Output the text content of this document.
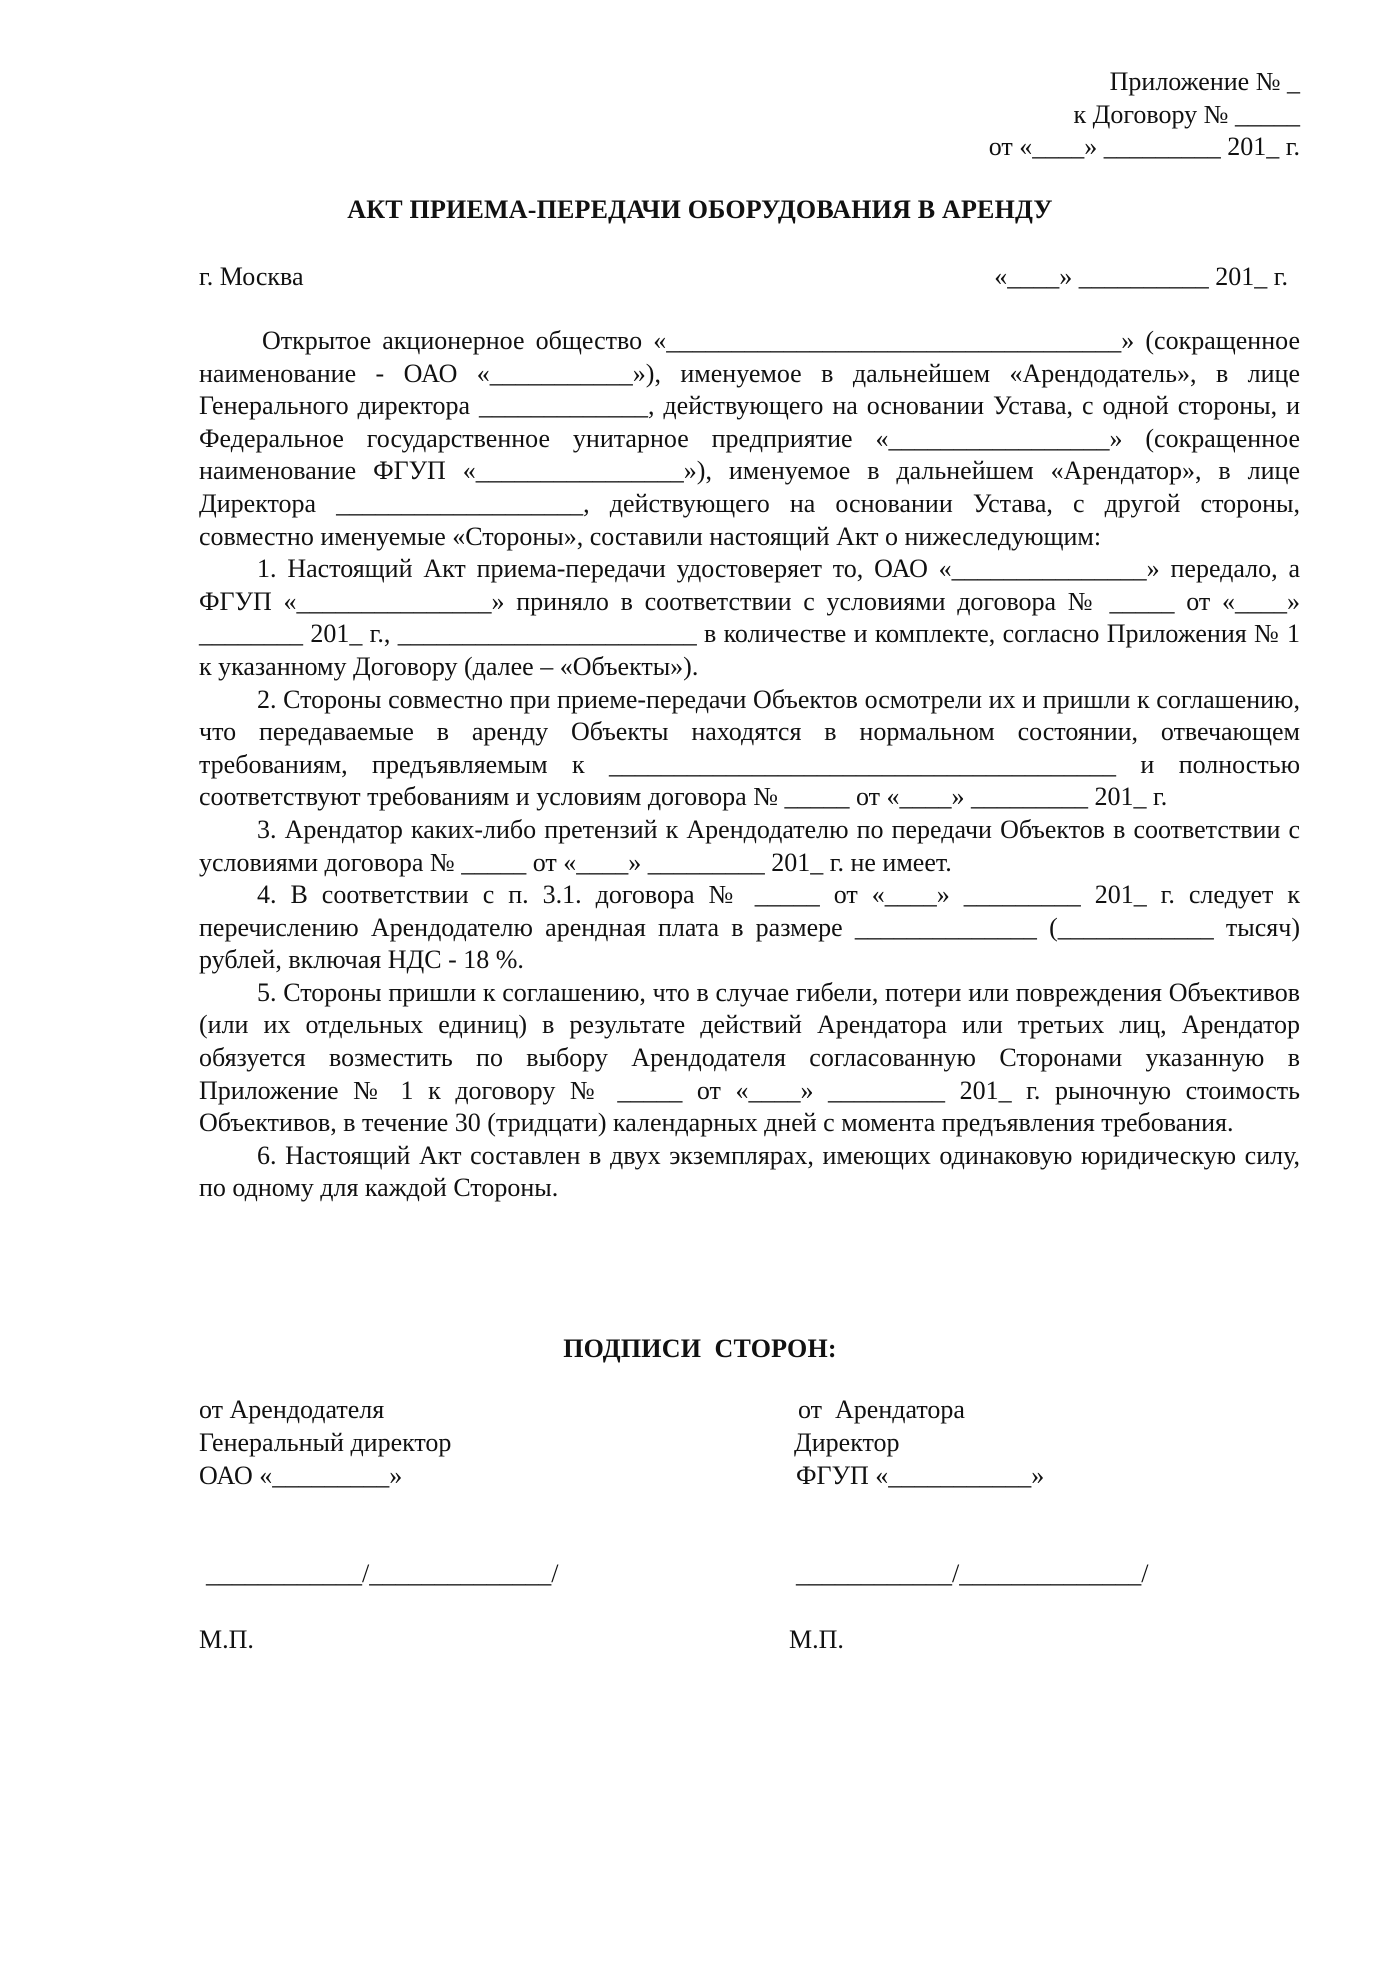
Приложение № _
к Договору № _____
от «____» _________ 201_ г.
АКТ ПРИЕМА-ПЕРЕДАЧИ ОБОРУДОВАНИЯ В АРЕНДУ
г. Москва	«____» __________ 201_ г.

Открытое акционерное общество «___________________________________» (сокращенное наименование - ОАО «___________»), именуемое в дальнейшем «Арендодатель», в лице Генерального директора _____________, действующего на основании Устава, с одной стороны, и Федеральное государственное унитарное предприятие «_________________» (сокращенное наименование ФГУП «________________»), именуемое в дальнейшем «Арендатор», в лице Директора ___________________, действующего на основании Устава, с другой стороны, совместно именуемые «Стороны», составили настоящий Акт о нижеследующим:

1. Настоящий Акт приема-передачи удостоверяет то, ОАО «_______________» передало, а ФГУП «_______________» приняло в соответствии с условиями договора № _____ от «____» ________ 201_ г., _______________________ в количестве и комплекте, согласно Приложения № 1 к указанному Договору (далее – «Объекты»).

2. Стороны совместно при приеме-передачи Объектов осмотрели их и пришли к соглашению, что передаваемые в аренду Объекты находятся в нормальном состоянии, отвечающем требованиям, предъявляемым к _______________________________________ и полностью соответствуют требованиям и условиям договора № _____ от «____» _________ 201_ г.

3. Арендатор каких-либо претензий к Арендодателю по передачи Объектов в соответствии с условиями договора № _____ от «____» _________ 201_ г. не имеет.

4. В соответствии с п. 3.1. договора № _____ от «____» _________ 201_ г. следует к перечислению Арендодателю арендная плата в размере ______________ (____________ тысяч) рублей, включая НДС - 18 %.

5. Стороны пришли к соглашению, что в случае гибели, потери или повреждения Объективов (или их отдельных единиц) в результате действий Арендатора или третьих лиц, Арендатор обязуется возместить по выбору Арендодателя согласованную Сторонами указанную в Приложение № 1 к договору № _____ от «____» _________ 201_ г. рыночную стоимость Объективов, в течение 30 (тридцати) календарных дней с момента предъявления требования.

6. Настоящий Акт составлен в двух экземплярах, имеющих одинаковую юридическую силу, по одному для каждой Стороны.

ПОДПИСИ  СТОРОН:
от Арендодателя
Генеральный директор
ОАО «_________»
____________/______________/
М.П.
от  Арендатора
Директор
ФГУП «___________»
____________/______________/
М.П.
